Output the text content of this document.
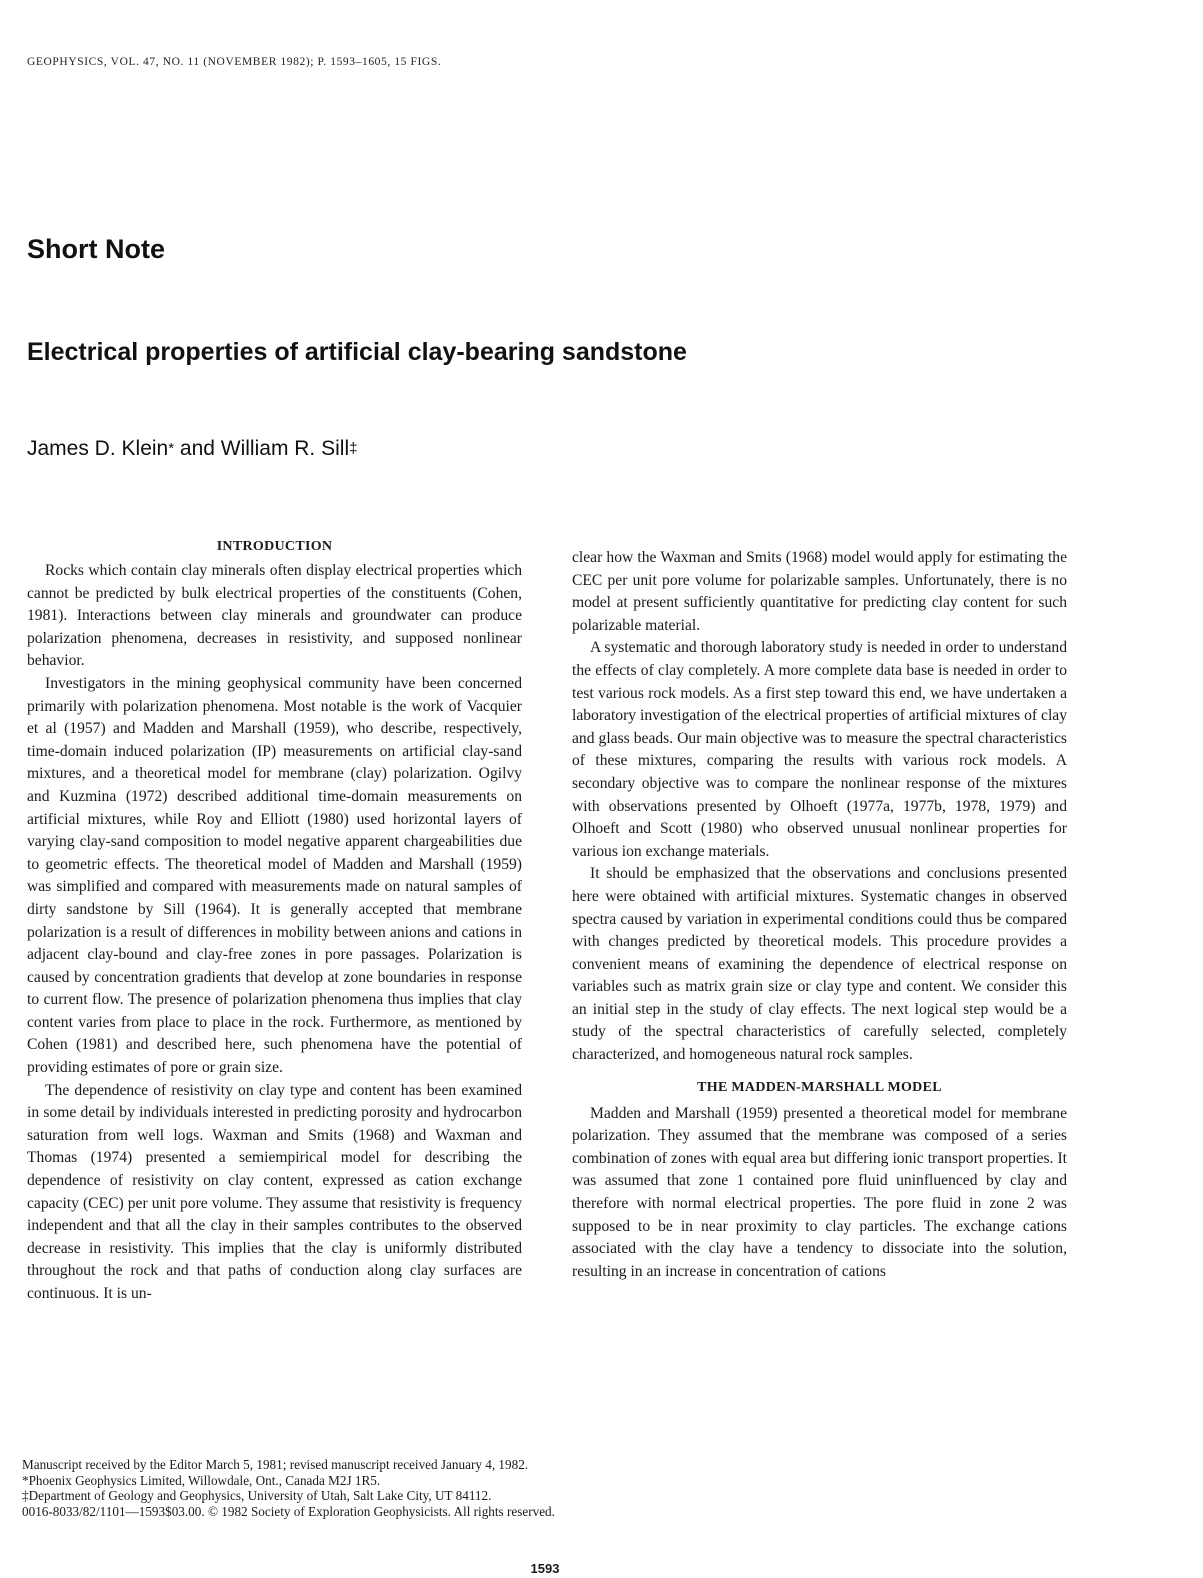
GEOPHYSICS, VOL. 47, NO. 11 (NOVEMBER 1982); P. 1593–1605, 15 FIGS.
Short Note
Electrical properties of artificial clay-bearing sandstone
James D. Klein* and William R. Sill‡
INTRODUCTION

Rocks which contain clay minerals often display electrical properties which cannot be predicted by bulk electrical properties of the constituents (Cohen, 1981). Interactions between clay minerals and groundwater can produce polarization phenomena, decreases in resistivity, and supposed nonlinear behavior.

Investigators in the mining geophysical community have been concerned primarily with polarization phenomena. Most notable is the work of Vacquier et al (1957) and Madden and Marshall (1959), who describe, respectively, time-domain induced polarization (IP) measurements on artificial clay-sand mixtures, and a theoretical model for membrane (clay) polarization. Ogilvy and Kuzmina (1972) described additional time-domain measurements on artificial mixtures, while Roy and Elliott (1980) used horizontal layers of varying clay-sand composition to model negative apparent chargeabilities due to geometric effects. The theoretical model of Madden and Marshall (1959) was simplified and compared with measurements made on natural samples of dirty sandstone by Sill (1964). It is generally accepted that membrane polarization is a result of differences in mobility between anions and cations in adjacent clay-bound and clay-free zones in pore passages. Polarization is caused by concentration gradients that develop at zone boundaries in response to current flow. The presence of polarization phenomena thus implies that clay content varies from place to place in the rock. Furthermore, as mentioned by Cohen (1981) and described here, such phenomena have the potential of providing estimates of pore or grain size.

The dependence of resistivity on clay type and content has been examined in some detail by individuals interested in predicting porosity and hydrocarbon saturation from well logs. Waxman and Smits (1968) and Waxman and Thomas (1974) presented a semiempirical model for describing the dependence of resistivity on clay content, expressed as cation exchange capacity (CEC) per unit pore volume. They assume that resistivity is frequency independent and that all the clay in their samples contributes to the observed decrease in resistivity. This implies that the clay is uniformly distributed throughout the rock and that paths of conduction along clay surfaces are continuous. It is un-

clear how the Waxman and Smits (1968) model would apply for estimating the CEC per unit pore volume for polarizable samples. Unfortunately, there is no model at present sufficiently quantitative for predicting clay content for such polarizable material.

A systematic and thorough laboratory study is needed in order to understand the effects of clay completely. A more complete data base is needed in order to test various rock models. As a first step toward this end, we have undertaken a laboratory investigation of the electrical properties of artificial mixtures of clay and glass beads. Our main objective was to measure the spectral characteristics of these mixtures, comparing the results with various rock models. A secondary objective was to compare the nonlinear response of the mixtures with observations presented by Olhoeft (1977a, 1977b, 1978, 1979) and Olhoeft and Scott (1980) who observed unusual nonlinear properties for various ion exchange materials.

It should be emphasized that the observations and conclusions presented here were obtained with artificial mixtures. Systematic changes in observed spectra caused by variation in experimental conditions could thus be compared with changes predicted by theoretical models. This procedure provides a convenient means of examining the dependence of electrical response on variables such as matrix grain size or clay type and content. We consider this an initial step in the study of clay effects. The next logical step would be a study of the spectral characteristics of carefully selected, completely characterized, and homogeneous natural rock samples.

THE MADDEN-MARSHALL MODEL

Madden and Marshall (1959) presented a theoretical model for membrane polarization. They assumed that the membrane was composed of a series combination of zones with equal area but differing ionic transport properties. It was assumed that zone 1 contained pore fluid uninfluenced by clay and therefore with normal electrical properties. The pore fluid in zone 2 was supposed to be in near proximity to clay particles. The exchange cations associated with the clay have a tendency to dissociate into the solution, resulting in an increase in concentration of cations

Manuscript received by the Editor March 5, 1981; revised manuscript received January 4, 1982.
*Phoenix Geophysics Limited, Willowdale, Ont., Canada M2J 1R5.
‡Department of Geology and Geophysics, University of Utah, Salt Lake City, UT 84112.
0016-8033/82/1101—1593$03.00. © 1982 Society of Exploration Geophysicists. All rights reserved.
1593
